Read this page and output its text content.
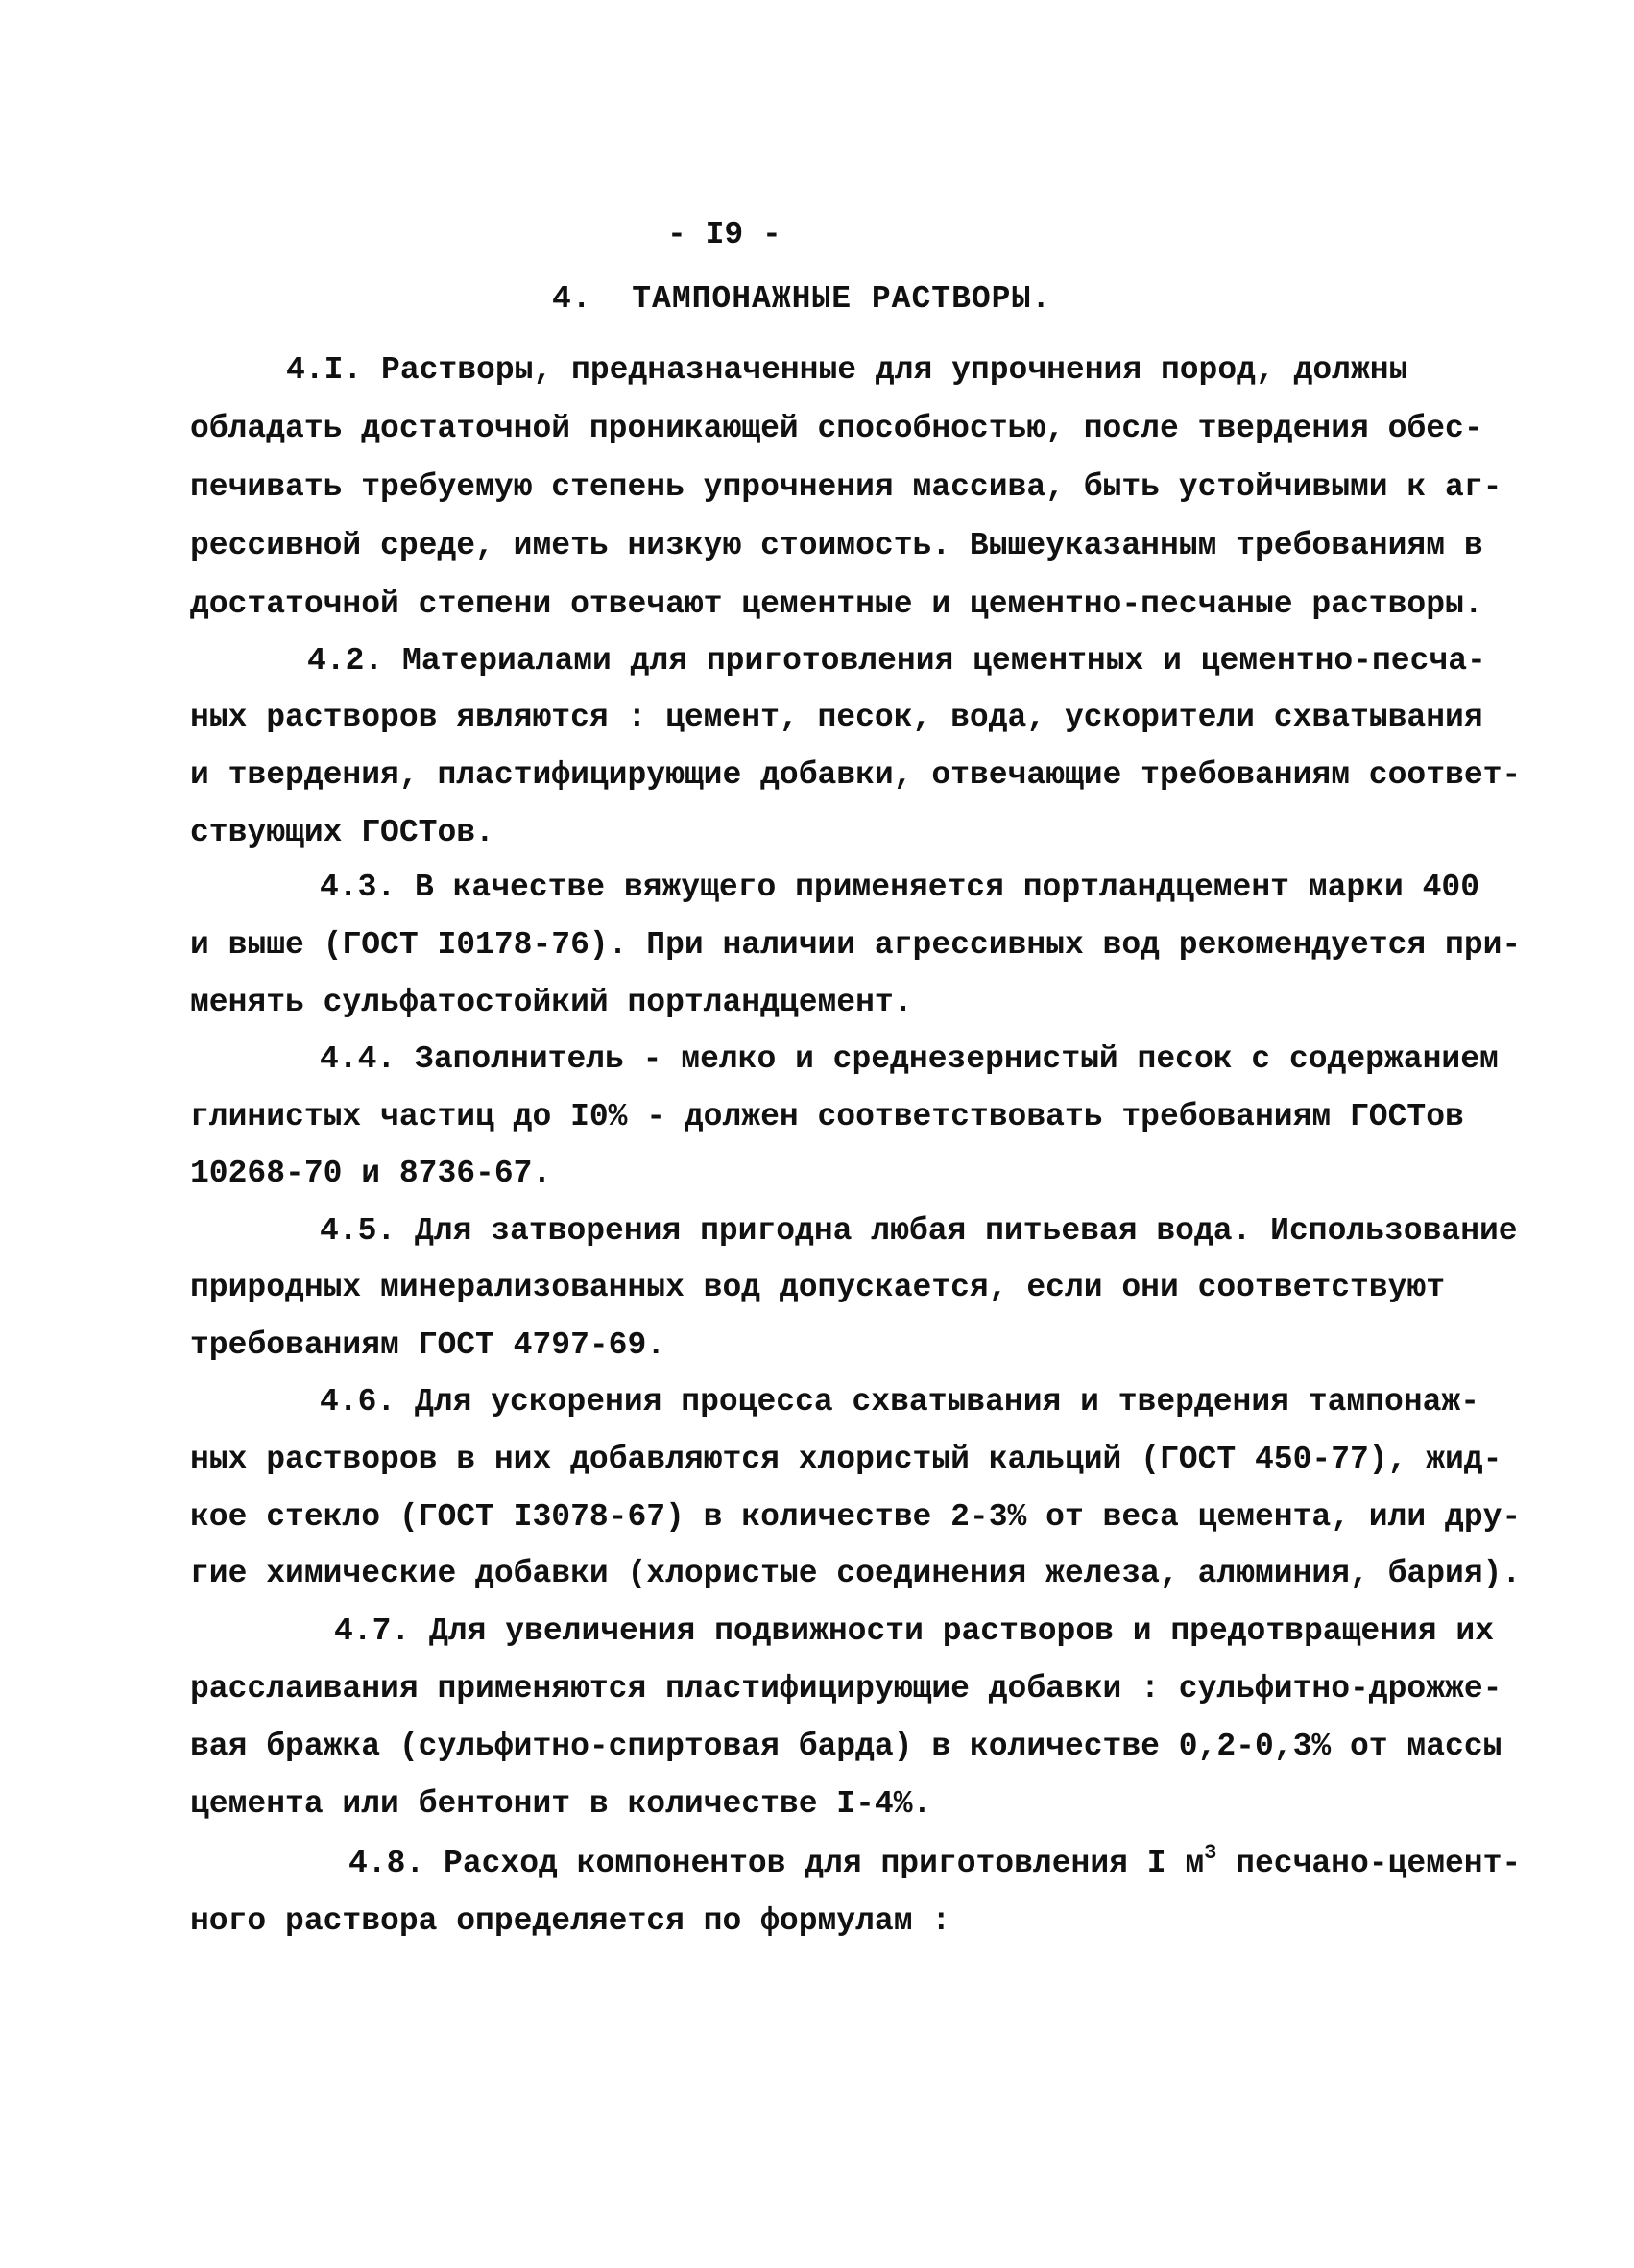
- I9 -
4.  ТАМПОНАЖНЫЕ РАСТВОРЫ.
4.I. Растворы, предназначенные для упрочнения пород, должны
обладать достаточной проникающей способностью, после твердения обес-
печивать требуемую степень упрочнения массива, быть устойчивыми к аг-
рессивной среде, иметь низкую стоимость. Вышеуказанным требованиям в
достаточной степени отвечают цементные и цементно-песчаные растворы.
4.2. Материалами для приготовления цементных и цементно-песча-
ных растворов являются : цемент, песок, вода, ускорители схватывания
и твердения, пластифицирующие добавки, отвечающие требованиям соответ-
ствующих ГОСТов.
4.3. В качестве вяжущего применяется портландцемент марки 400
и выше (ГОСТ I0178-76). При наличии агрессивных вод рекомендуется при-
менять сульфатостойкий портландцемент.
4.4. Заполнитель - мелко и среднезернистый песок с содержанием
глинистых частиц до I0% - должен соответствовать требованиям ГОСТов
10268-70 и 8736-67.
4.5. Для затворения пригодна любая питьевая вода. Использование
природных минерализованных вод допускается, если они соответствуют
требованиям ГОСТ 4797-69.
4.6. Для ускорения процесса схватывания и твердения тампонаж-
ных растворов в них добавляются хлористый кальций (ГОСТ 450-77), жид-
кое стекло (ГОСТ I3078-67) в количестве 2-3% от веса цемента, или дру-
гие химические добавки (хлористые соединения железа, алюминия, бария).
4.7. Для увеличения подвижности растворов и предотвращения их
расслаивания применяются пластифицирующие добавки : сульфитно-дрожже-
вая бражка (сульфитно-спиртовая барда) в количестве 0,2-0,3% от массы
цемента или бентонит в количестве I-4%.
4.8. Расход компонентов для приготовления I $м^3$ песчано-цемент-
ного раствора определяется по формулам :
